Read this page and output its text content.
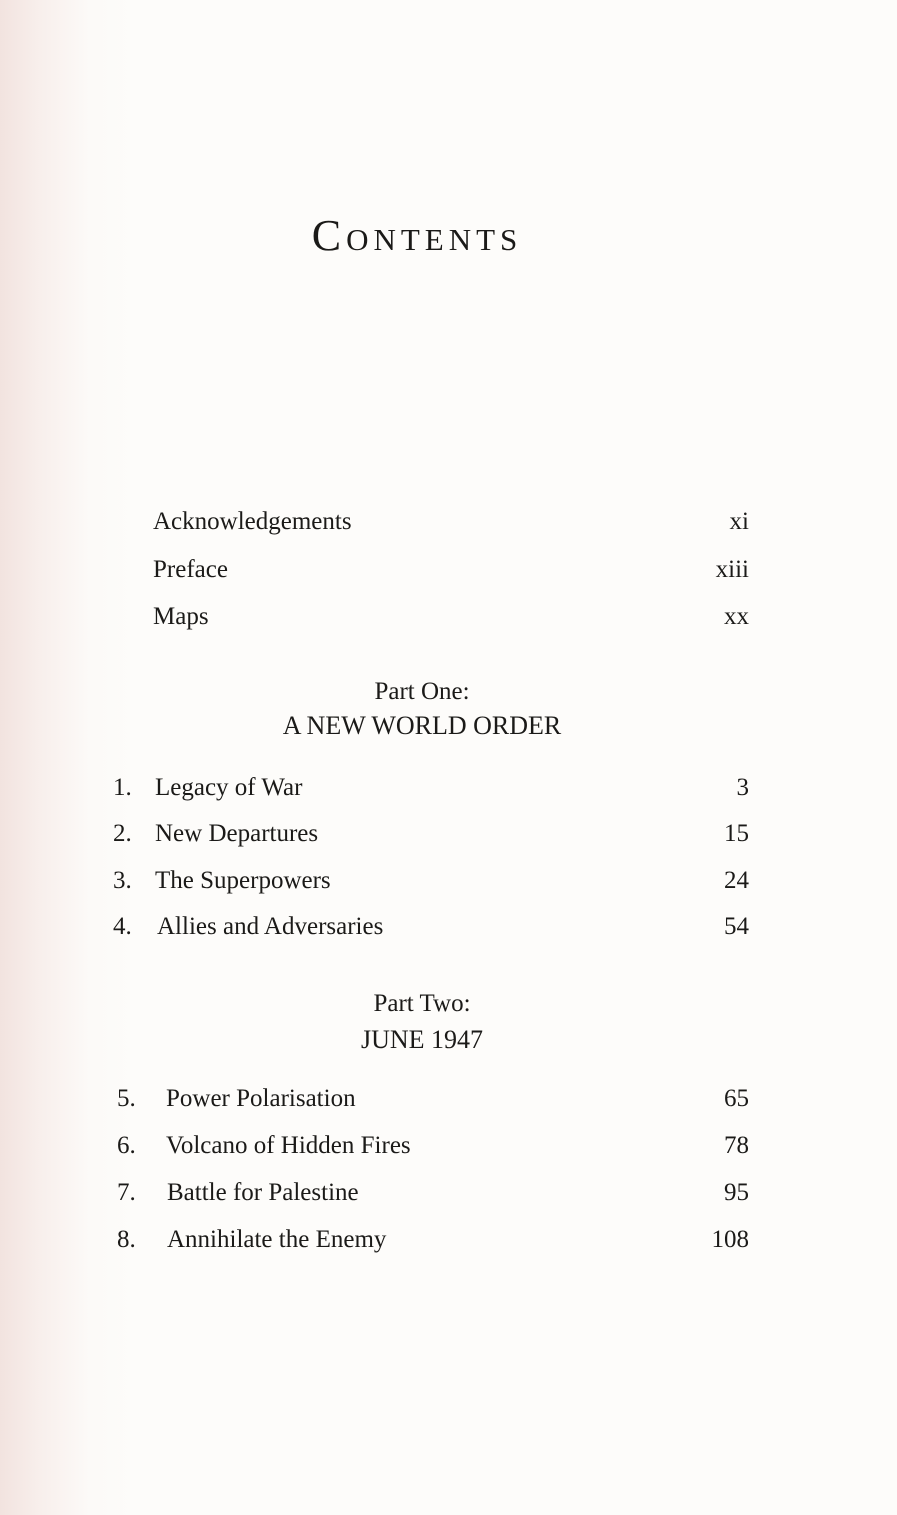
Contents
Acknowledgements	xi
Preface	xiii
Maps	xx
Part One:
A NEW WORLD ORDER
1. Legacy of War	3
2. New Departures	15
3. The Superpowers	24
4. Allies and Adversaries	54
Part Two:
JUNE 1947
5. Power Polarisation	65
6. Volcano of Hidden Fires	78
7. Battle for Palestine	95
8. Annihilate the Enemy	108
